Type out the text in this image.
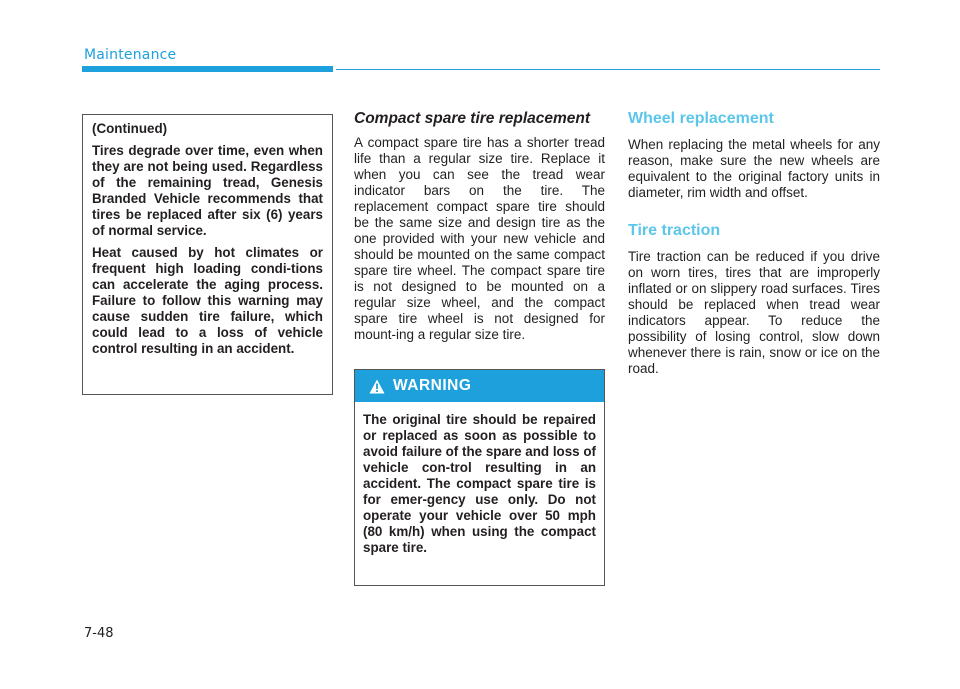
Maintenance

(Continued)

Tires degrade over time, even when they are not being used. Regardless of the remaining tread, Genesis Branded Vehicle recommends that tires be replaced after six (6) years of normal service.

Heat caused by hot climates or frequent high loading condi-tions can accelerate the aging process. Failure to follow this warning may cause sudden tire failure, which could lead to a loss of vehicle control resulting in an accident.

Compact spare tire replacement

A compact spare tire has a shorter tread life than a regular size tire. Replace it when you can see the tread wear indicator bars on the tire. The replacement compact spare tire should be the same size and design tire as the one provided with your new vehicle and should be mounted on the same compact spare tire wheel. The compact spare tire is not designed to be mounted on a regular size wheel, and the compact spare tire wheel is not designed for mount-ing a regular size tire.

WARNING
The original tire should be repaired or replaced as soon as possible to avoid failure of the spare and loss of vehicle con-trol resulting in an accident. The compact spare tire is for emer-gency use only. Do not operate your vehicle over 50 mph (80 km/h) when using the compact spare tire.
Wheel replacement

When replacing the metal wheels for any reason, make sure the new wheels are equivalent to the original factory units in diameter, rim width and offset.

Tire traction

Tire traction can be reduced if you drive on worn tires, tires that are improperly inflated or on slippery road surfaces. Tires should be replaced when tread wear indicators appear. To reduce the possibility of losing control, slow down whenever there is rain, snow or ice on the road.

7-48
